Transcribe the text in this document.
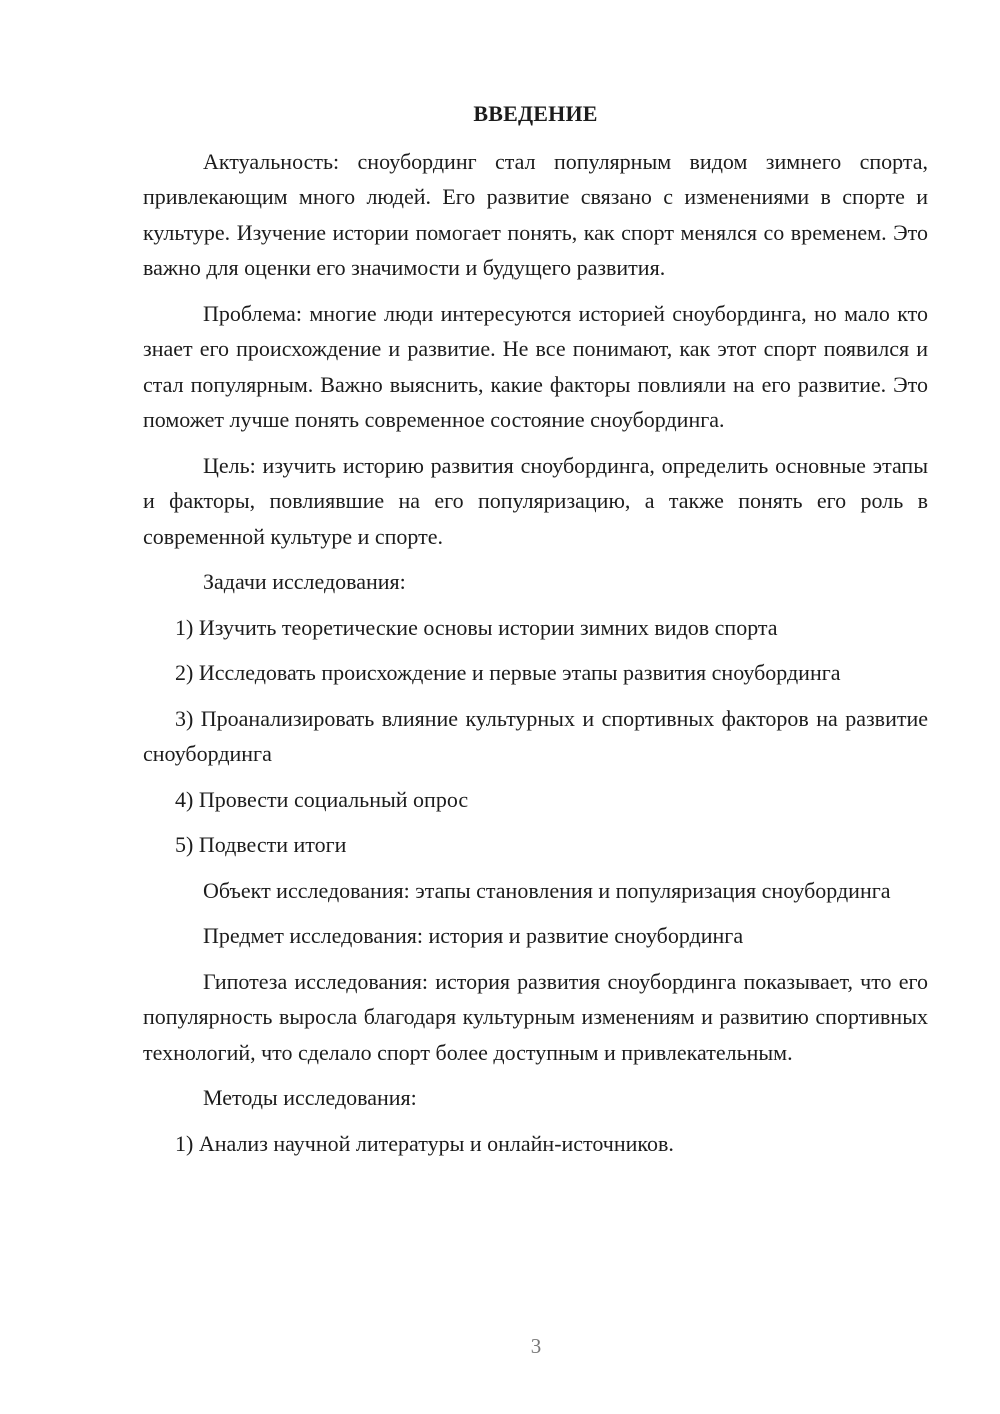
ВВЕДЕНИЕ

Актуальность: сноубординг стал популярным видом зимнего спорта, привлекающим много людей. Его развитие связано с изменениями в спорте и культуре. Изучение истории помогает понять, как спорт менялся со временем. Это важно для оценки его значимости и будущего развития.

Проблема: многие люди интересуются историей сноубординга, но мало кто знает его происхождение и развитие. Не все понимают, как этот спорт появился и стал популярным. Важно выяснить, какие факторы повлияли на его развитие. Это поможет лучше понять современное состояние сноубординга.

Цель: изучить историю развития сноубординга, определить основные этапы и факторы, повлиявшие на его популяризацию, а также понять его роль в современной культуре и спорте.

Задачи исследования:

1) Изучить теоретические основы истории зимних видов спорта

2) Исследовать происхождение и первые этапы развития сноубординга

3) Проанализировать влияние культурных и спортивных факторов на развитие сноубординга

4) Провести социальный опрос

5) Подвести итоги

Объект исследования: этапы становления и популяризация сноубординга

Предмет исследования: история и развитие сноубординга

Гипотеза исследования: история развития сноубординга показывает, что его популярность выросла благодаря культурным изменениям и развитию спортивных технологий, что сделало спорт более доступным и привлекательным.

Методы исследования:

1) Анализ научной литературы и онлайн-источников.

3
